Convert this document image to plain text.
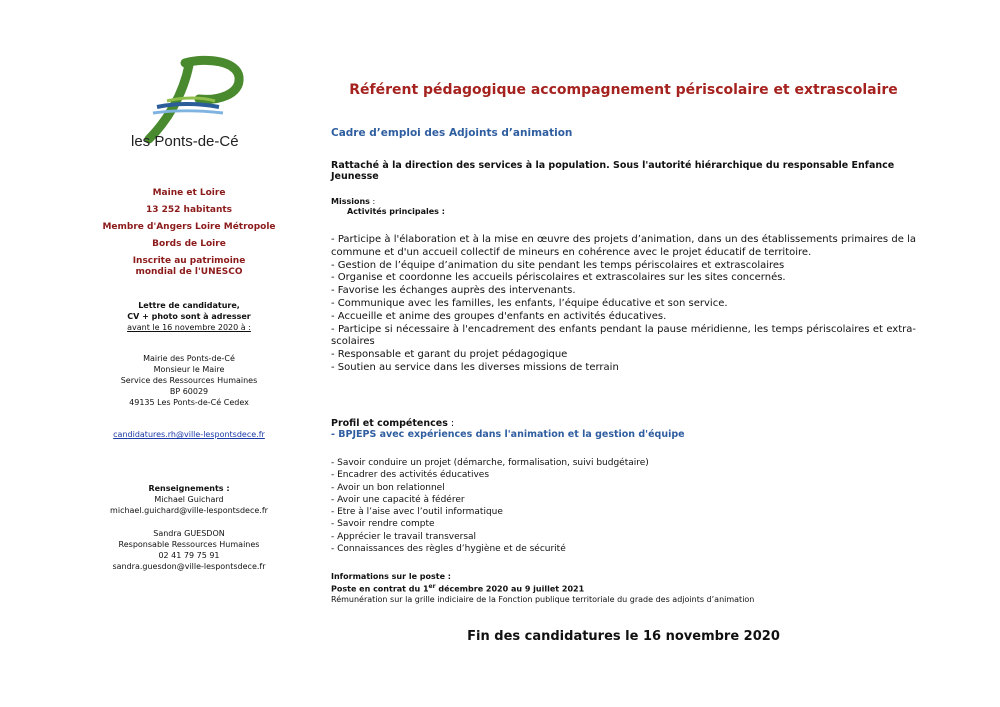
les Ponts-de-Cé
Maine et Loire
13 252 habitants
Membre d'Angers Loire Métropole
Bords de Loire
Inscrite au patrimoine
mondial de l'UNESCO
Lettre de candidature,
CV + photo sont à adresser
avant le 16 novembre 2020 à :
Mairie des Ponts-de-Cé
Monsieur le Maire
Service des Ressources Humaines
BP 60029
49135 Les Ponts-de-Cé Cedex
candidatures.rh@ville-lespontsdece.fr
Renseignements :
Michael Guichard
michael.guichard@ville-lespontsdece.fr
Sandra GUESDON
Responsable Ressources Humaines
02 41 79 75 91
sandra.guesdon@ville-lespontsdece.fr
Référent pédagogique accompagnement périscolaire et extrascolaire
Cadre d’emploi des Adjoints d’animation
Rattaché à la direction des services à la population. Sous l'autorité hiérarchique du responsable Enfance Jeunesse
Missions :
Activités principales :
- Participe à l'élaboration et à la mise en œuvre des projets d’animation, dans un des établissements primaires de la commune et d'un accueil collectif de mineurs en cohérence avec le projet éducatif de territoire.
- Gestion de l’équipe d’animation du site pendant les temps périscolaires et extrascolaires
- Organise et coordonne les accueils périscolaires et extrascolaires sur les sites concernés.
- Favorise les échanges auprès des intervenants.
- Communique avec les familles, les enfants, l’équipe éducative et son service.
- Accueille et anime des groupes d'enfants en activités éducatives.
- Participe si nécessaire à l'encadrement des enfants pendant la pause méridienne, les temps périscolaires et extra-scolaires
- Responsable et garant du projet pédagogique
- Soutien au service dans les diverses missions de terrain
Profil et compétences :
- BPJEPS avec expériences dans l'animation et la gestion d'équipe
- Savoir conduire un projet (démarche, formalisation, suivi budgétaire)
- Encadrer des activités éducatives
- Avoir un bon relationnel
- Avoir une capacité à fédérer
- Etre à l’aise avec l’outil informatique
- Savoir rendre compte
- Apprécier le travail transversal
- Connaissances des règles d’hygiène et de sécurité
Informations sur le poste :
Poste en contrat du 1er décembre 2020 au 9 juillet 2021
Rémunération sur la grille indiciaire de la Fonction publique territoriale du grade des adjoints d’animation
Fin des candidatures le 16 novembre 2020
